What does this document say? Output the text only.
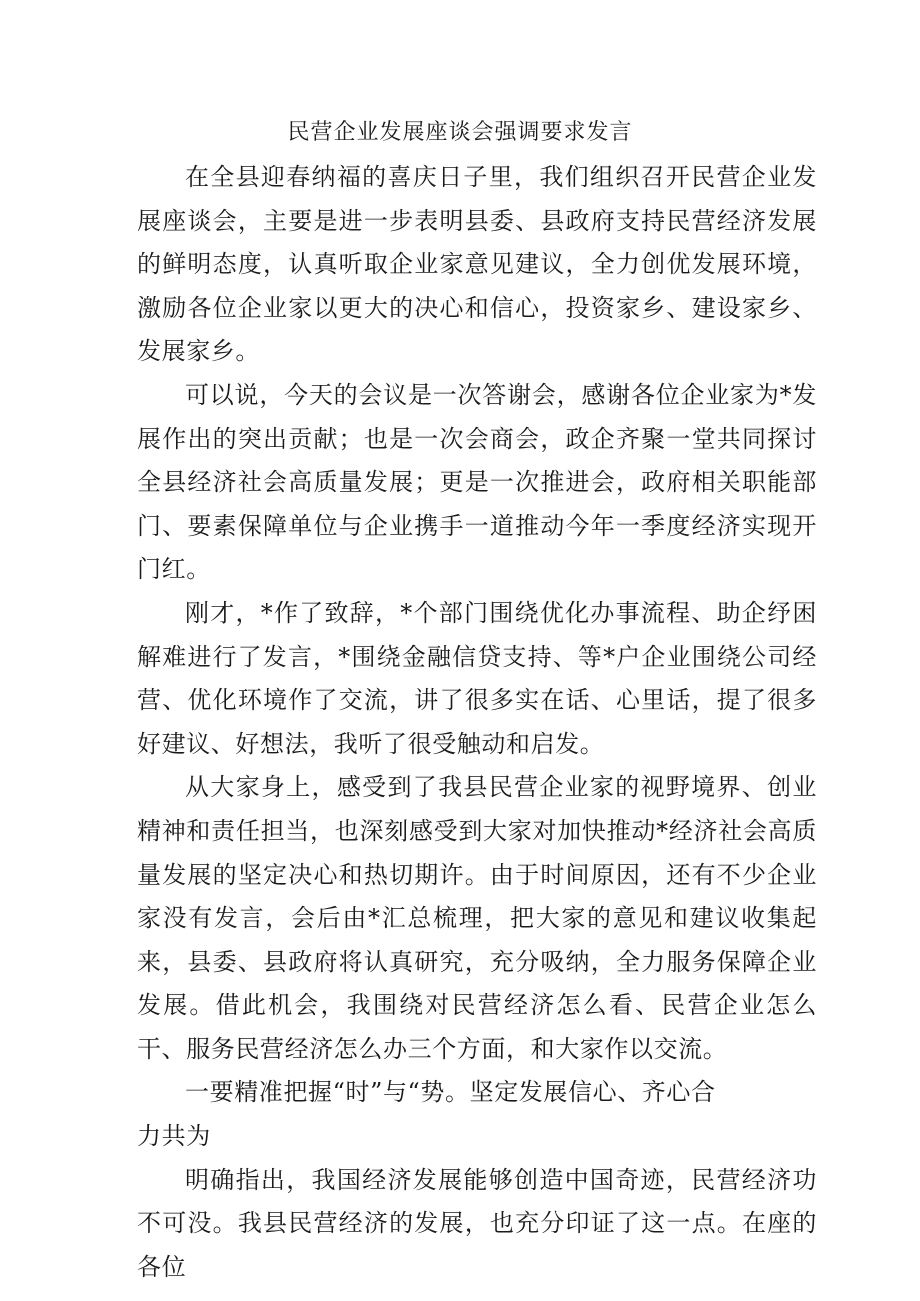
民营企业发展座谈会强调要求发言

在全县迎春纳福的喜庆日子里，我们组织召开民营企业发展座谈会，主要是进一步表明县委、县政府支持民营经济发展的鲜明态度，认真听取企业家意见建议，全力创优发展环境，激励各位企业家以更大的决心和信心，投资家乡、建设家乡、发展家乡。

可以说，今天的会议是一次答谢会，感谢各位企业家为*发展作出的突出贡献；也是一次会商会，政企齐聚一堂共同探讨全县经济社会高质量发展；更是一次推进会，政府相关职能部门、要素保障单位与企业携手一道推动今年一季度经济实现开门红。

刚才，*作了致辞，*个部门围绕优化办事流程、助企纾困解难进行了发言，*围绕金融信贷支持、等*户企业围绕公司经营、优化环境作了交流，讲了很多实在话、心里话，提了很多好建议、好想法，我听了很受触动和启发。

从大家身上，感受到了我县民营企业家的视野境界、创业精神和责任担当，也深刻感受到大家对加快推动*经济社会高质量发展的坚定决心和热切期许。由于时间原因，还有不少企业家没有发言，会后由*汇总梳理，把大家的意见和建议收集起来，县委、县政府将认真研究，充分吸纳，全力服务保障企业发展。借此机会，我围绕对民营经济怎么看、民营企业怎么干、服务民营经济怎么办三个方面，和大家作以交流。

一要精准把握“时”与“势。坚定发展信心、齐心合
力共为

明确指出，我国经济发展能够创造中国奇迹，民营经济功不可没。我县民营经济的发展，也充分印证了这一点。在座的各位
